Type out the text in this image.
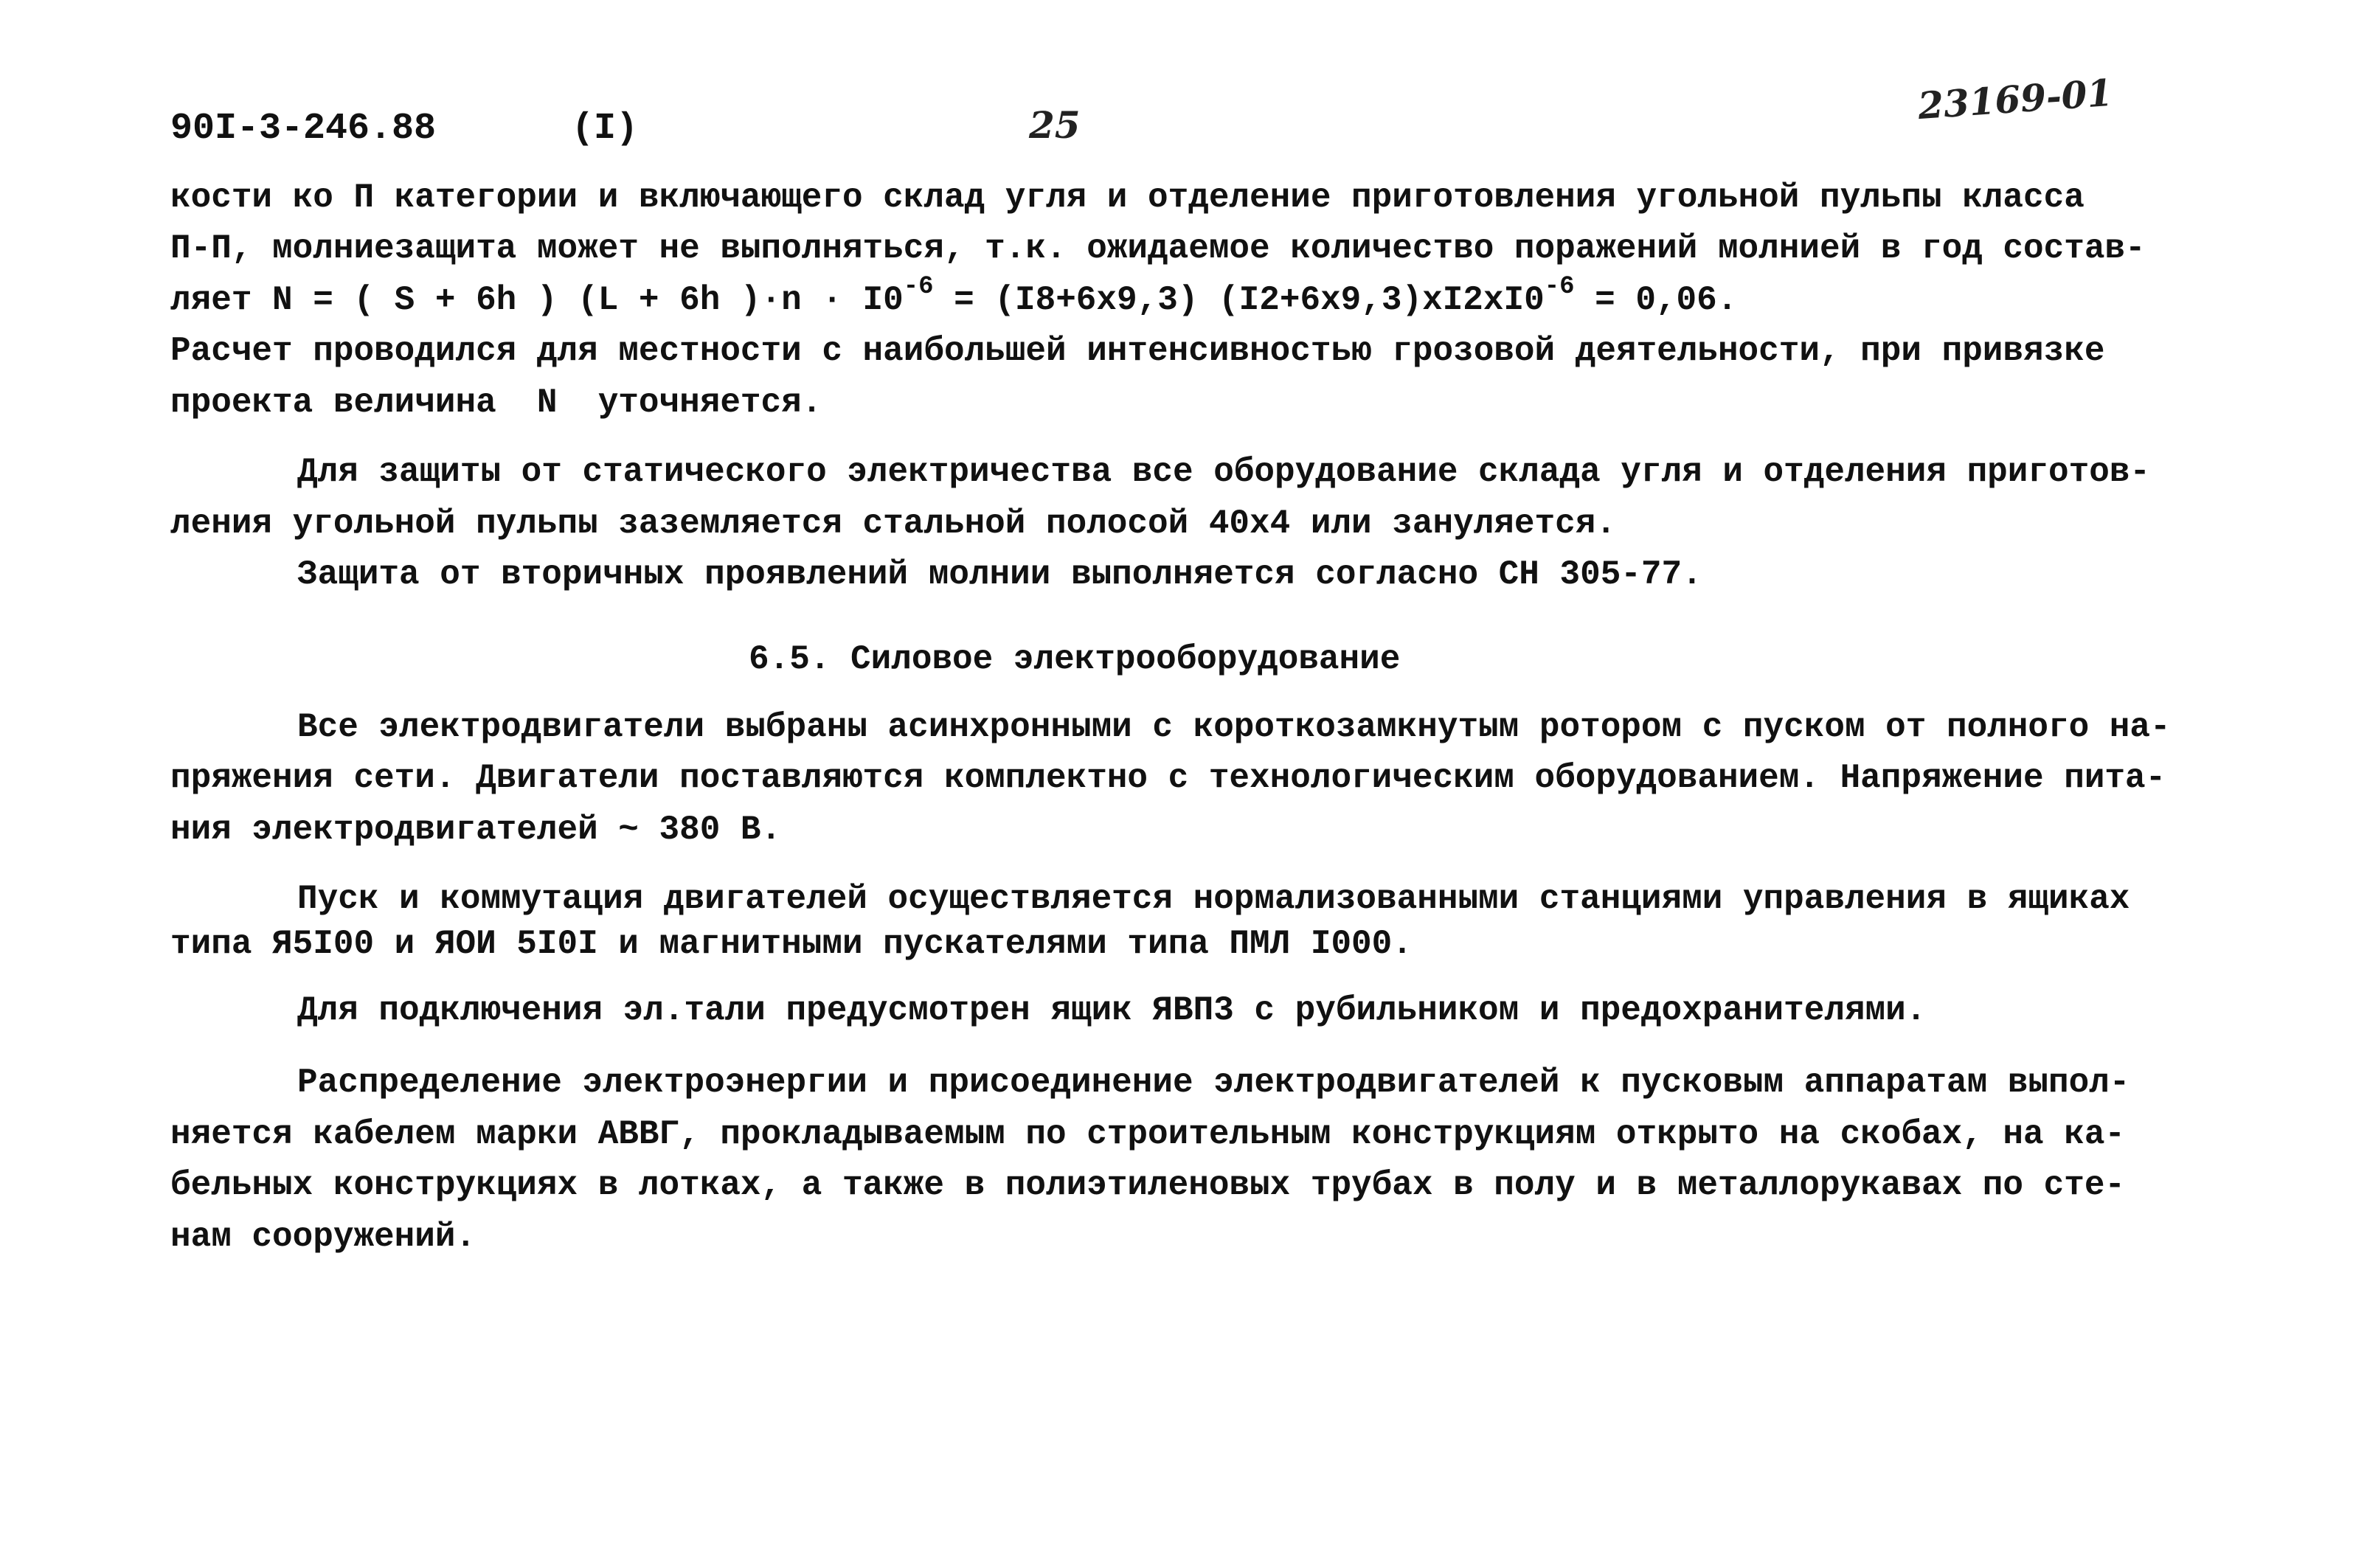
90I-3-246.88	(I)	25	23169-01
кости ко П категории и включающего склад угля и отделение приготовления угольной пульпы класса
П-П, молниезащита может не выполняться, т.к. ожидаемое количество поражений молнией в год состав-
ляет N = ( S + 6h ) (L + 6h )$\cdot n \cdot I0^{-6} = (I8+6x9,3) (I2+6x9,3)xI2xI0^{-6} = 0,06$.
Расчет проводился для местности с наибольшей интенсивностью грозовой деятельности, при привязке
проекта величина  N  уточняется.
Для защиты от статического электричества все оборудование склада угля и отделения приготов-
ления угольной пульпы заземляется стальной полосой 40х4 или зануляется.
Защита от вторичных проявлений молнии выполняется согласно СН 305-77.
6.5. Силовое электрооборудование
Все электродвигатели выбраны асинхронными с короткозамкнутым ротором с пуском от полного на-
пряжения сети. Двигатели поставляются комплектно с технологическим оборудованием. Напряжение пита-
ния электродвигателей ~ 380 В.
Пуск и коммутация двигателей осуществляется нормализованными станциями управления в ящиках
типа Я5I00 и ЯОИ 5I0I и магнитными пускателями типа ПМЛ I000.
Для подключения эл.тали предусмотрен ящик ЯВП3 с рубильником и предохранителями.
Распределение электроэнергии и присоединение электродвигателей к пусковым аппаратам выпол-
няется кабелем марки АВВГ, прокладываемым по строительным конструкциям открыто на скобах, на ка-
бельных конструкциях в лотках, а также в полиэтиленовых трубах в полу и в металлорукавах по сте-
нам сооружений.
